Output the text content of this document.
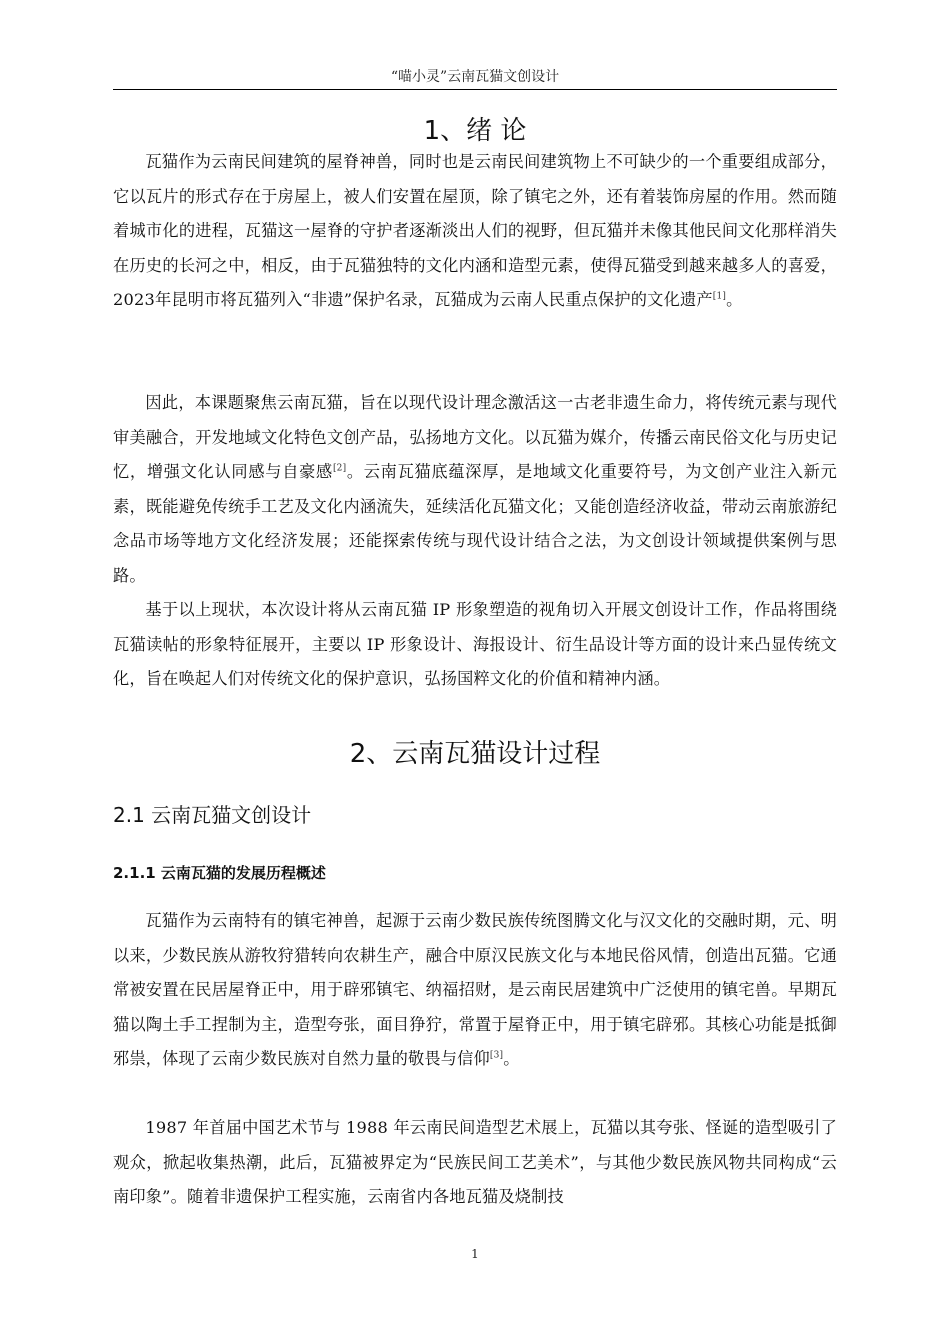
“喵小灵”云南瓦猫文创设计
1、绪 论

瓦猫作为云南民间建筑的屋脊神兽，同时也是云南民间建筑物上不可缺少的一个重要组成部分，它以瓦片的形式存在于房屋上，被人们安置在屋顶，除了镇宅之外，还有着装饰房屋的作用。然而随着城市化的进程，瓦猫这一屋脊的守护者逐渐淡出人们的视野，但瓦猫并未像其他民间文化那样消失在历史的长河之中，相反，由于瓦猫独特的文化内涵和造型元素，使得瓦猫受到越来越多人的喜爱，2023年昆明市将瓦猫列入“非遗”保护名录，瓦猫成为云南人民重点保护的文化遗产[1]。

因此，本课题聚焦云南瓦猫，旨在以现代设计理念激活这一古老非遗生命力，将传统元素与现代审美融合，开发地域文化特色文创产品，弘扬地方文化。以瓦猫为媒介，传播云南民俗文化与历史记忆，增强文化认同感与自豪感[2]。云南瓦猫底蕴深厚，是地域文化重要符号，为文创产业注入新元素，既能避免传统手工艺及文化内涵流失，延续活化瓦猫文化；又能创造经济收益，带动云南旅游纪念品市场等地方文化经济发展；还能探索传统与现代设计结合之法，为文创设计领域提供案例与思路。

基于以上现状，本次设计将从云南瓦猫 IP 形象塑造的视角切入开展文创设计工作，作品将围绕瓦猫读帖的形象特征展开，主要以 IP 形象设计、海报设计、衍生品设计等方面的设计来凸显传统文化，旨在唤起人们对传统文化的保护意识，弘扬国粹文化的价值和精神内涵。

2、云南瓦猫设计过程
2.1 云南瓦猫文创设计
2.1.1 云南瓦猫的发展历程概述

瓦猫作为云南特有的镇宅神兽，起源于云南少数民族传统图腾文化与汉文化的交融时期，元、明以来，少数民族从游牧狩猎转向农耕生产，融合中原汉民族文化与本地民俗风情，创造出瓦猫。它通常被安置在民居屋脊正中，用于辟邪镇宅、纳福招财，是云南民居建筑中广泛使用的镇宅兽。早期瓦猫以陶土手工捏制为主，造型夸张，面目狰狞，常置于屋脊正中，用于镇宅辟邪。其核心功能是抵御邪祟，体现了云南少数民族对自然力量的敬畏与信仰[3]。

1987 年首届中国艺术节与 1988 年云南民间造型艺术展上，瓦猫以其夸张、怪诞的造型吸引了观众，掀起收集热潮，此后，瓦猫被界定为“民族民间工艺美术”，与其他少数民族风物共同构成“云南印象”。随着非遗保护工程实施，云南省内各地瓦猫及烧制技

1
